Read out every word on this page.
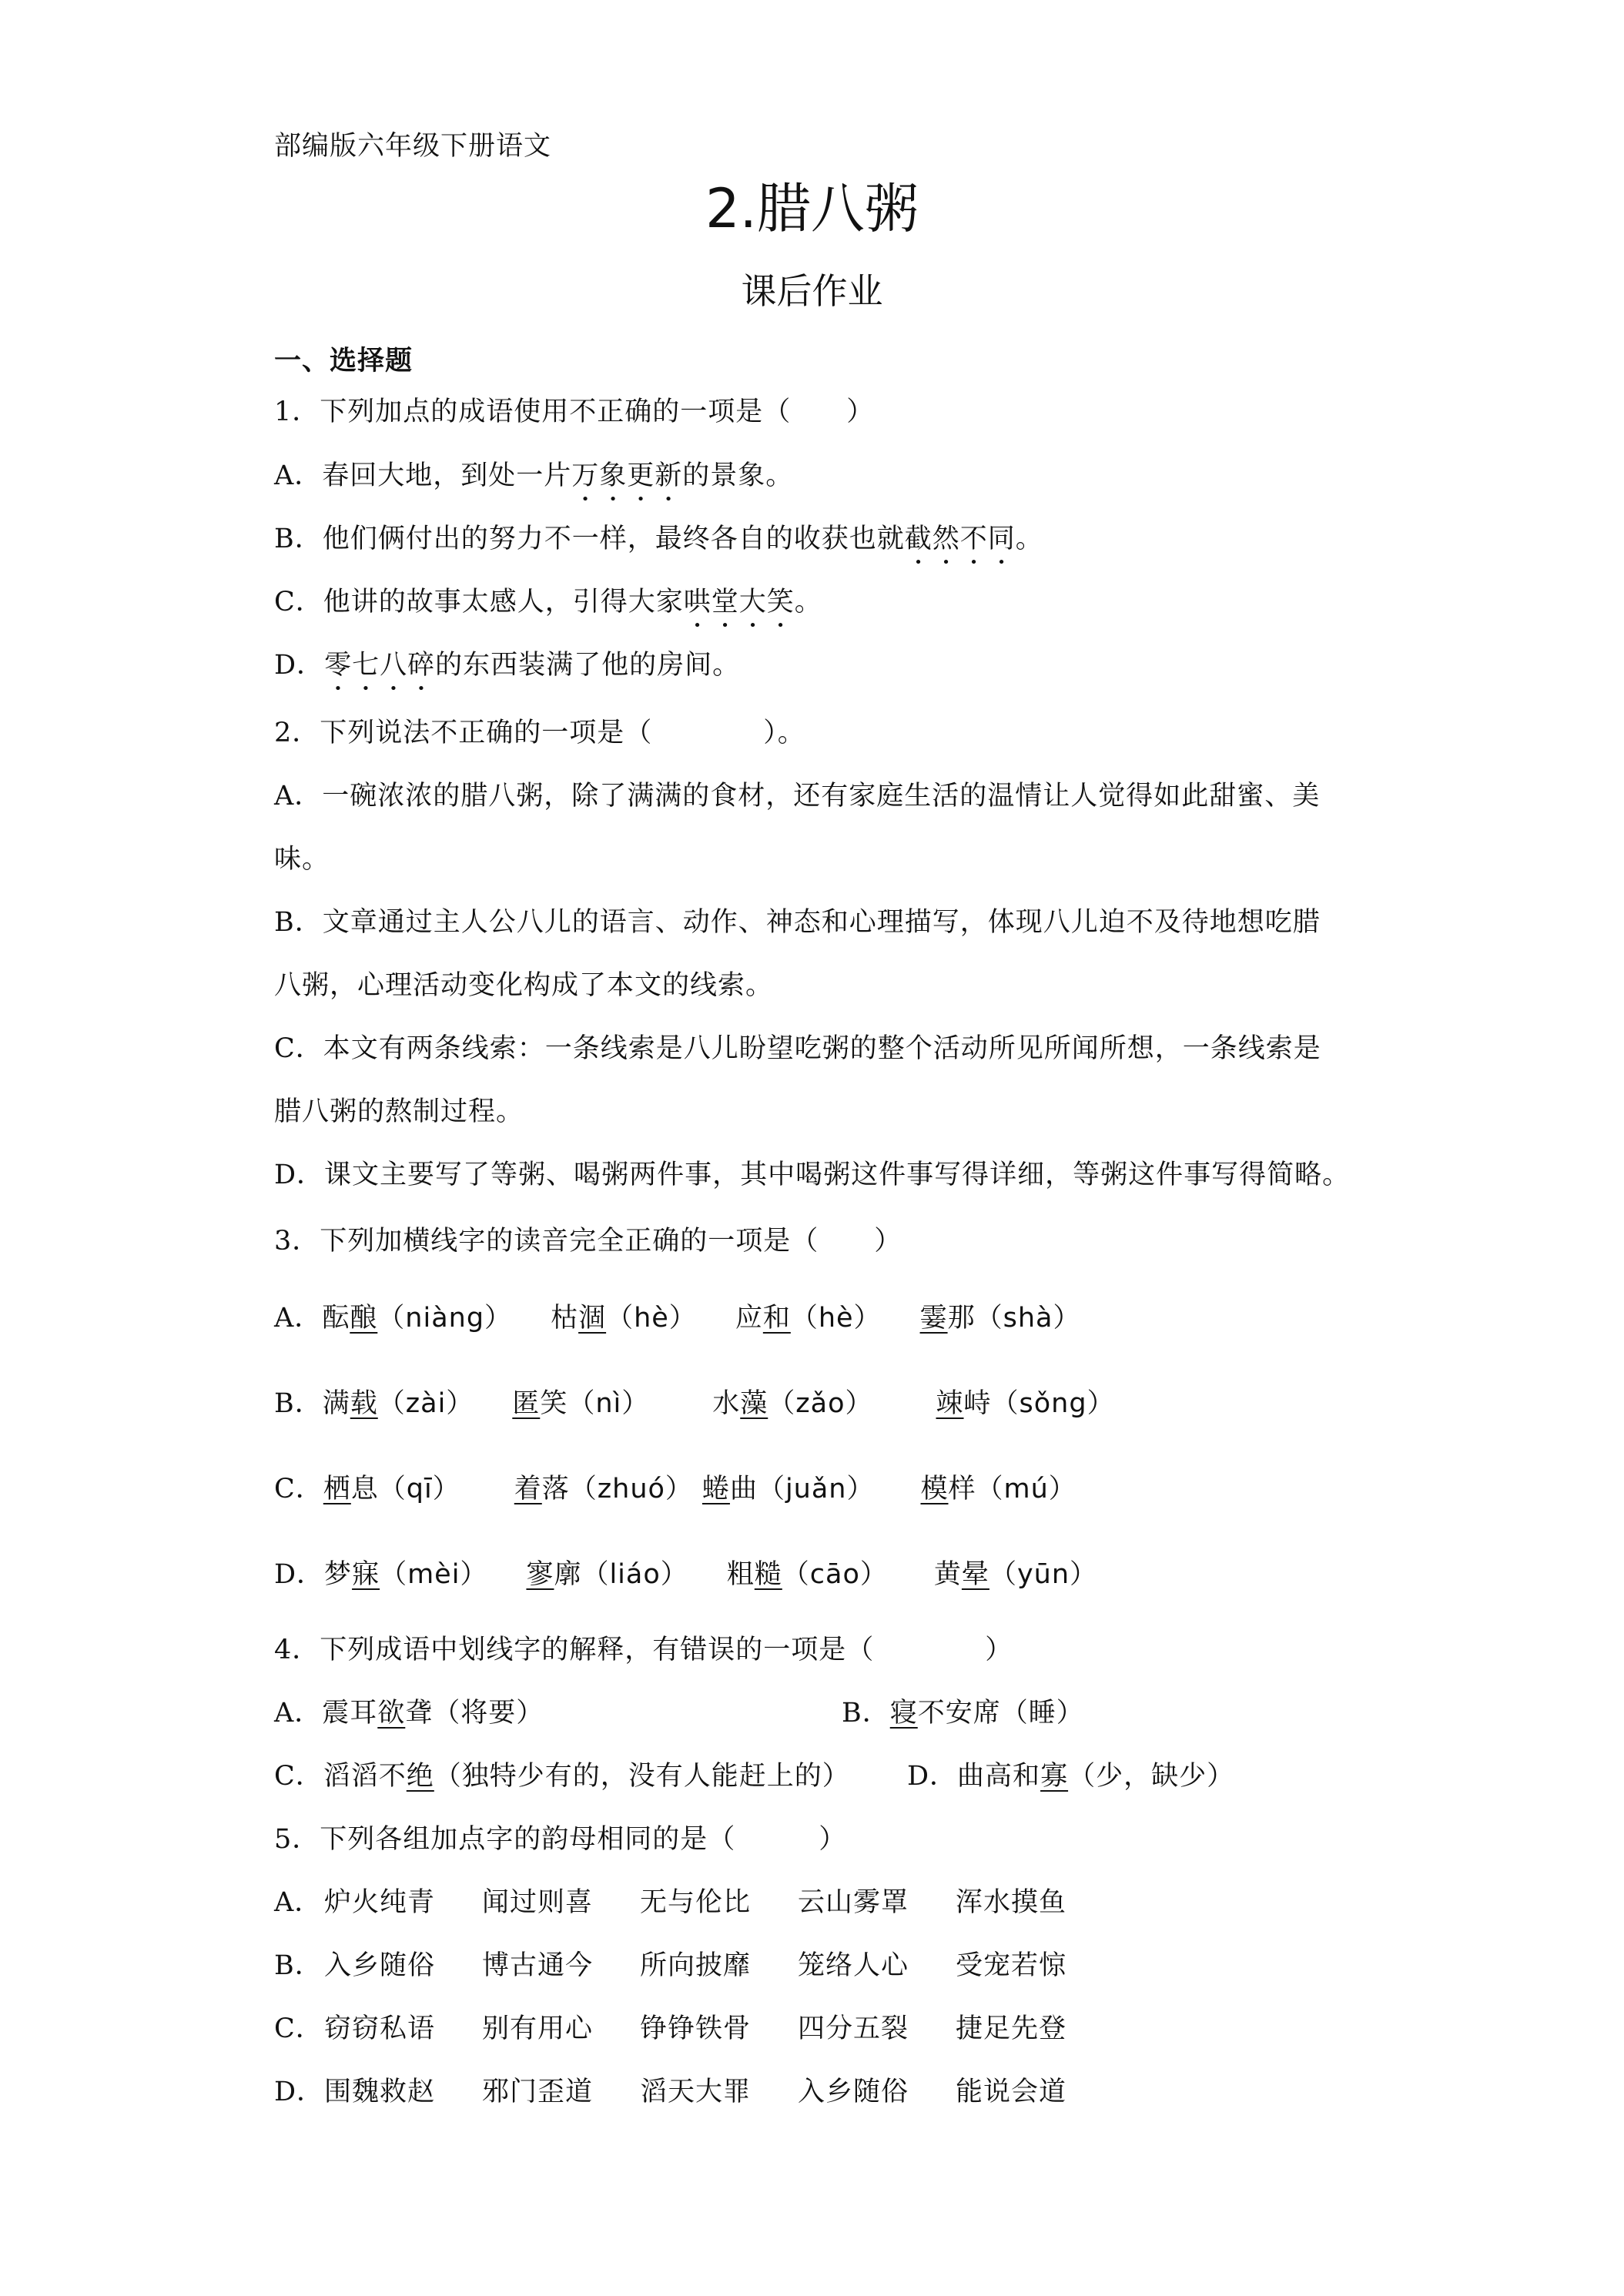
部编版六年级下册语文
2.腊八粥
课后作业
一、选择题
1．下列加点的成语使用不正确的一项是（　　）
A．春回大地，到处一片万象更新的景象。
B．他们俩付出的努力不一样，最终各自的收获也就截然不同。
C．他讲的故事太感人，引得大家哄堂大笑。
D．零七八碎的东西装满了他的房间。
2．下列说法不正确的一项是（　　　　）。
A．一碗浓浓的腊八粥，除了满满的食材，还有家庭生活的温情让人觉得如此甜蜜、美
味。
B．文章通过主人公八儿的语言、动作、神态和心理描写，体现八儿迫不及待地想吃腊
八粥，心理活动变化构成了本文的线索。
C．本文有两条线索：一条线索是八儿盼望吃粥的整个活动所见所闻所想，一条线索是
腊八粥的熬制过程。
D．课文主要写了等粥、喝粥两件事，其中喝粥这件事写得详细，等粥这件事写得简略。
3．下列加横线字的读音完全正确的一项是（　　）
A．酝酿（niàng） 枯涸（hè） 应和（hè） 霎那（shà）
B．满载（zài） 匿笑（nì） 水藻（zǎo） 竦峙（sǒng）
C．栖息（qī） 着落（zhuó） 蜷曲（juǎn） 模样（mú）
D．梦寐（mèi） 寥廓（liáo） 粗糙（cāo） 黄晕（yūn）
4．下列成语中划线字的解释，有错误的一项是（　　　　）
A．震耳欲聋（将要）	B．寝不安席（睡）
C．滔滔不绝（独特少有的，没有人能赶上的） D．曲高和寡（少，缺少）
5．下列各组加点字的韵母相同的是（　　　）
A． 炉火纯青 闻过则喜 无与伦比 云山雾罩 浑水摸鱼
B． 入乡随俗 博古通今 所向披靡 笼络人心 受宠若惊
C． 窃窃私语 别有用心 铮铮铁骨 四分五裂 捷足先登
D． 围魏救赵 邪门歪道 滔天大罪 入乡随俗 能说会道
